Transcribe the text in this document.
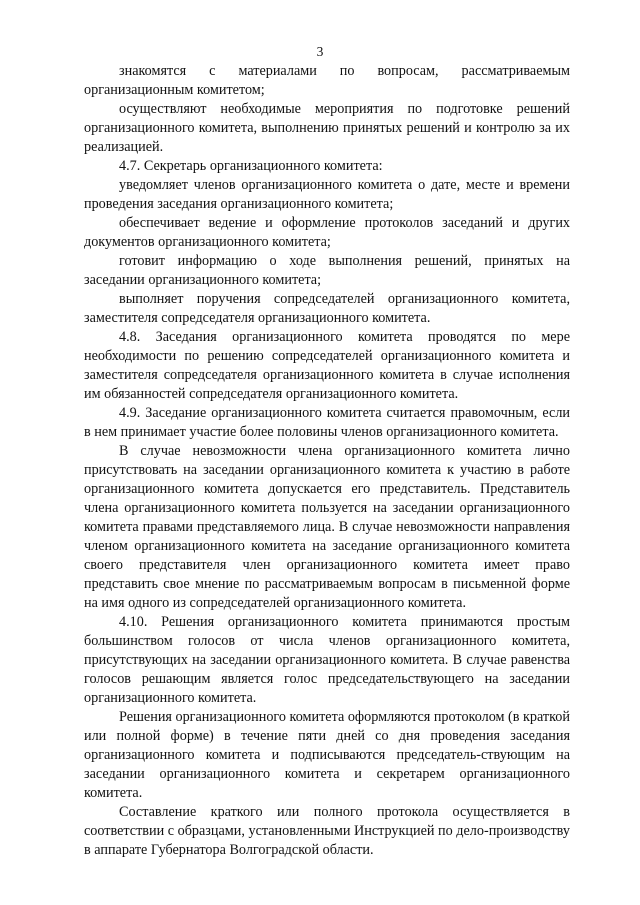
3

знакомятся с материалами по вопросам, рассматриваемым организационным комитетом;

осуществляют необходимые мероприятия по подготовке решений организационного комитета, выполнению принятых решений и контролю за их реализацией.

4.7. Секретарь организационного комитета:

уведомляет членов организационного комитета о дате, месте и времени проведения заседания организационного комитета;

обеспечивает ведение и оформление протоколов заседаний и других документов организационного комитета;

готовит информацию о ходе выполнения решений, принятых на заседании организационного комитета;

выполняет поручения сопредседателей организационного комитета, заместителя сопредседателя организационного комитета.

4.8. Заседания организационного комитета проводятся по мере необходимости по решению сопредседателей организационного комитета и заместителя сопредседателя организационного комитета в случае исполнения им обязанностей сопредседателя организационного комитета.

4.9. Заседание организационного комитета считается правомочным, если в нем принимает участие более половины членов организационного комитета.

В случае невозможности члена организационного комитета лично присутствовать на заседании организационного комитета к участию в работе организационного комитета допускается его представитель. Представитель члена организационного комитета пользуется на заседании организационного комитета правами представляемого лица. В случае невозможности направления членом организационного комитета на заседание организационного комитета своего представителя член организационного комитета имеет право представить свое мнение по рассматриваемым вопросам в письменной форме на имя одного из сопредседателей организационного комитета.

4.10. Решения организационного комитета принимаются простым большинством голосов от числа членов организационного комитета, присутствующих на заседании организационного комитета. В случае равенства голосов решающим является голос председательствующего на заседании организационного комитета.

Решения организационного комитета оформляются протоколом (в краткой или полной форме) в течение пяти дней со дня проведения заседания организационного комитета и подписываются председатель-ствующим на заседании организационного комитета и секретарем организационного комитета.

Составление краткого или полного протокола осуществляется в соответствии с образцами, установленными Инструкцией по дело-производству в аппарате Губернатора Волгоградской области.
